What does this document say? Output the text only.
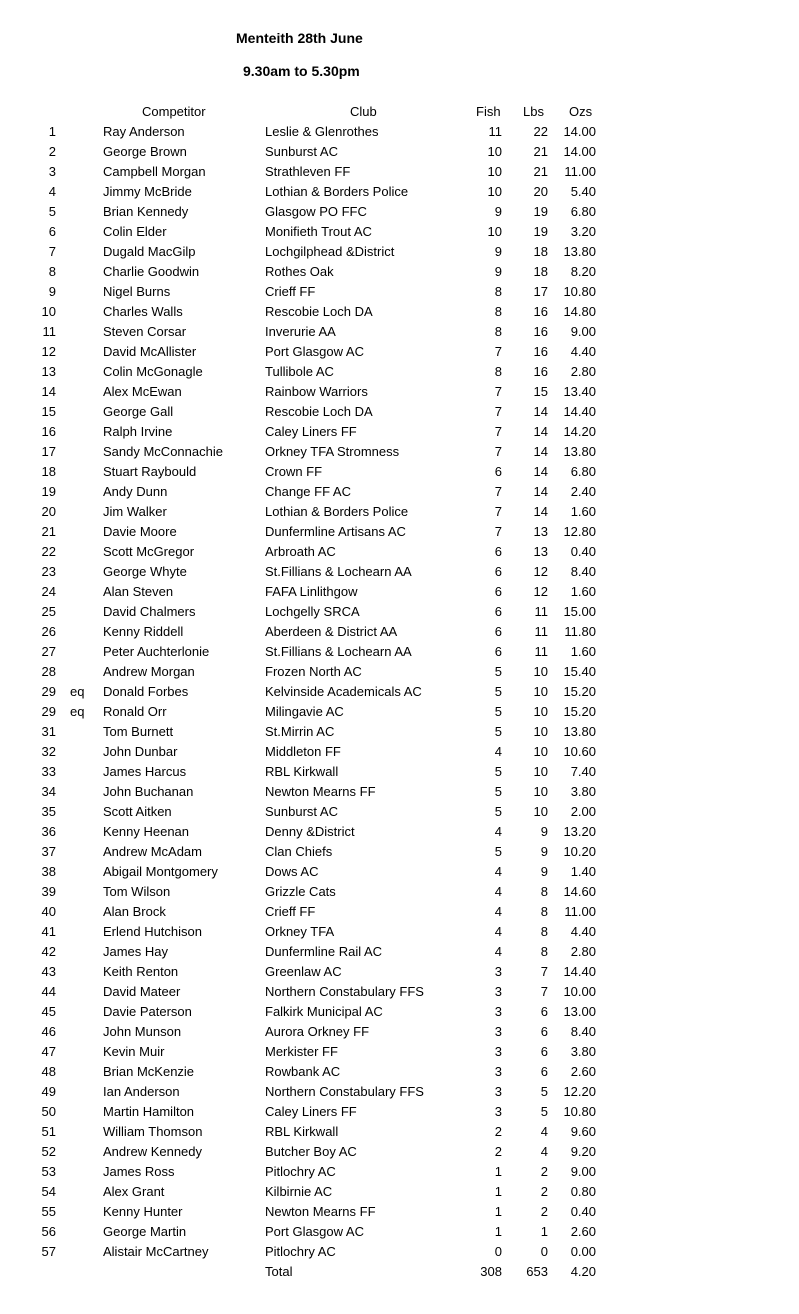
Menteith 28th June
9.30am to 5.30pm
Competitor	Club	Fish Lbs Ozs
1	Ray Anderson	Leslie & Glenrothes	11	22	14.00
2	George Brown	Sunburst AC	10	21	14.00
3	Campbell Morgan	Strathleven FF	10	21	11.00
4	Jimmy McBride	Lothian & Borders Police	10	20	5.40
5	Brian Kennedy	Glasgow PO FFC	9	19	6.80
6	Colin Elder	Monifieth Trout AC	10	19	3.20
7	Dugald MacGilp	Lochgilphead &District	9	18	13.80
8	Charlie Goodwin	Rothes Oak	9	18	8.20
9	Nigel Burns	Crieff FF	8	17	10.80
10	Charles Walls	Rescobie Loch DA	8	16	14.80
11	Steven Corsar	Inverurie AA	8	16	9.00
12	David McAllister	Port Glasgow AC	7	16	4.40
13	Colin McGonagle	Tullibole AC	8	16	2.80
14	Alex McEwan	Rainbow Warriors	7	15	13.40
15	George Gall	Rescobie Loch DA	7	14	14.40
16	Ralph Irvine	Caley Liners FF	7	14	14.20
17	Sandy McConnachie	Orkney TFA Stromness	7	14	13.80
18	Stuart Raybould	Crown FF	6	14	6.80
19	Andy Dunn	Change FF AC	7	14	2.40
20	Jim Walker	Lothian & Borders Police	7	14	1.60
21	Davie Moore	Dunfermline Artisans AC	7	13	12.80
22	Scott McGregor	Arbroath AC	6	13	0.40
23	George Whyte	St.Fillians & Lochearn AA	6	12	8.40
24	Alan Steven	FAFA Linlithgow	6	12	1.60
25	David Chalmers	Lochgelly SRCA	6	11	15.00
26	Kenny Riddell	Aberdeen & District AA	6	11	11.80
27	Peter Auchterlonie	St.Fillians & Lochearn AA	6	11	1.60
28	Andrew Morgan	Frozen North AC	5	10	15.40
29 eq Donald Forbes	Kelvinside Academicals AC	5	10	15.20
29 eq Ronald Orr	Milingavie AC	5	10	15.20
31	Tom Burnett	St.Mirrin AC	5	10	13.80
32	John Dunbar	Middleton FF	4	10	10.60
33	James Harcus	RBL Kirkwall	5	10	7.40
34	John Buchanan	Newton Mearns FF	5	10	3.80
35	Scott Aitken	Sunburst AC	5	10	2.00
36	Kenny Heenan	Denny &District	4	9	13.20
37	Andrew McAdam	Clan Chiefs	5	9	10.20
38	Abigail Montgomery	Dows AC	4	9	1.40
39	Tom Wilson	Grizzle Cats	4	8	14.60
40	Alan Brock	Crieff FF	4	8	11.00
41	Erlend Hutchison	Orkney TFA	4	8	4.40
42	James Hay	Dunfermline Rail AC	4	8	2.80
43	Keith Renton	Greenlaw AC	3	7	14.40
44	David Mateer	Northern Constabulary FFS	3	7	10.00
45	Davie Paterson	Falkirk Municipal AC	3	6	13.00
46	John Munson	Aurora Orkney FF	3	6	8.40
47	Kevin Muir	Merkister FF	3	6	3.80
48	Brian McKenzie	Rowbank AC	3	6	2.60
49	Ian Anderson	Northern Constabulary FFS	3	5	12.20
50	Martin Hamilton	Caley Liners FF	3	5	10.80
51	William Thomson	RBL Kirkwall	2	4	9.60
52	Andrew Kennedy	Butcher Boy AC	2	4	9.20
53	James Ross	Pitlochry AC	1	2	9.00
54	Alex Grant	Kilbirnie AC	1	2	0.80
55	Kenny Hunter	Newton Mearns FF	1	2	0.40
56	George Martin	Port Glasgow AC	1	1	2.60
57	Alistair McCartney	Pitlochry AC	0	0	0.00
Total	308	653	4.20
